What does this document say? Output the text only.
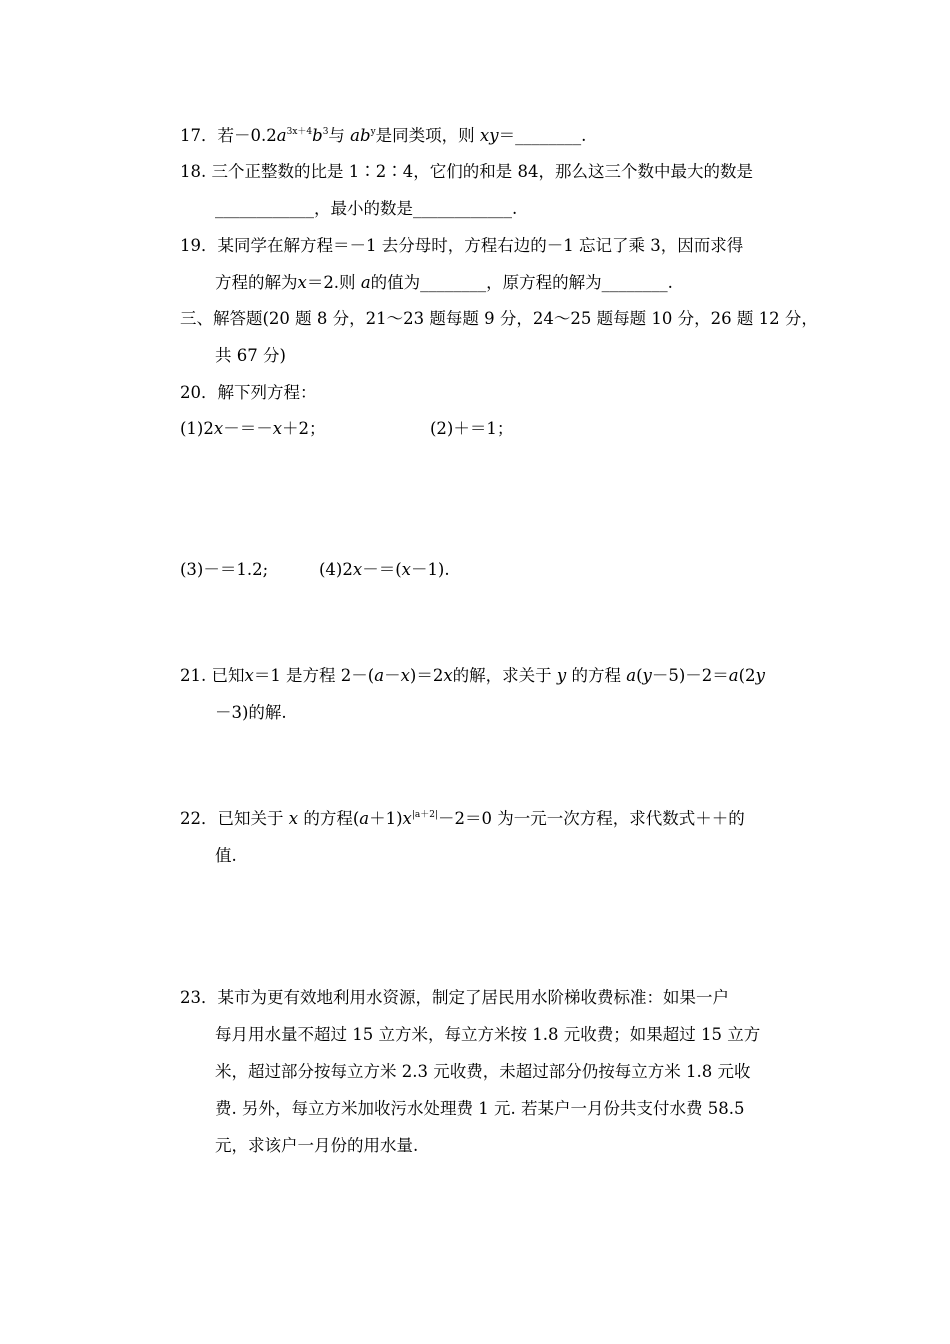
17．若$-0.2a^{3x+4}b^3$与 $ab^y$是同类项，则 xy＝________.
18. 三个正整数的比是 1∶2∶4，它们的和是 84，那么这三个数中最大的数是
____________，最小的数是____________.
19．某同学在解方程＝－1 去分母时，方程右边的－1 忘记了乘 3，因而求得
方程的解为x＝2.则 a的值为________，原方程的解为________.
三、解答题(20 题 8 分，21～23 题每题 9 分，24～25 题每题 10 分，26 题 12 分，
共 67 分)
20．解下列方程：
(1)2x－＝－x＋2；	(2)＋＝1；
(3)－＝1.2;	(4)2x－＝(x－1).
21. 已知x＝1 是方程 2－(a－x)＝2x的解，求关于 y 的方程 a(y－5)－2＝a(2y
－3)的解.
22．已知关于 x 的方程$(a+1)x^{|a+2|}-2=0$ 为一元一次方程，求代数式＋＋的
值.
23．某市为更有效地利用水资源，制定了居民用水阶梯收费标准：如果一户
每月用水量不超过 15 立方米，每立方米按 1.8 元收费；如果超过 15 立方
米，超过部分按每立方米 2.3 元收费，未超过部分仍按每立方米 1.8 元收
费. 另外，每立方米加收污水处理费 1 元. 若某户一月份共支付水费 58.5
元，求该户一月份的用水量.
